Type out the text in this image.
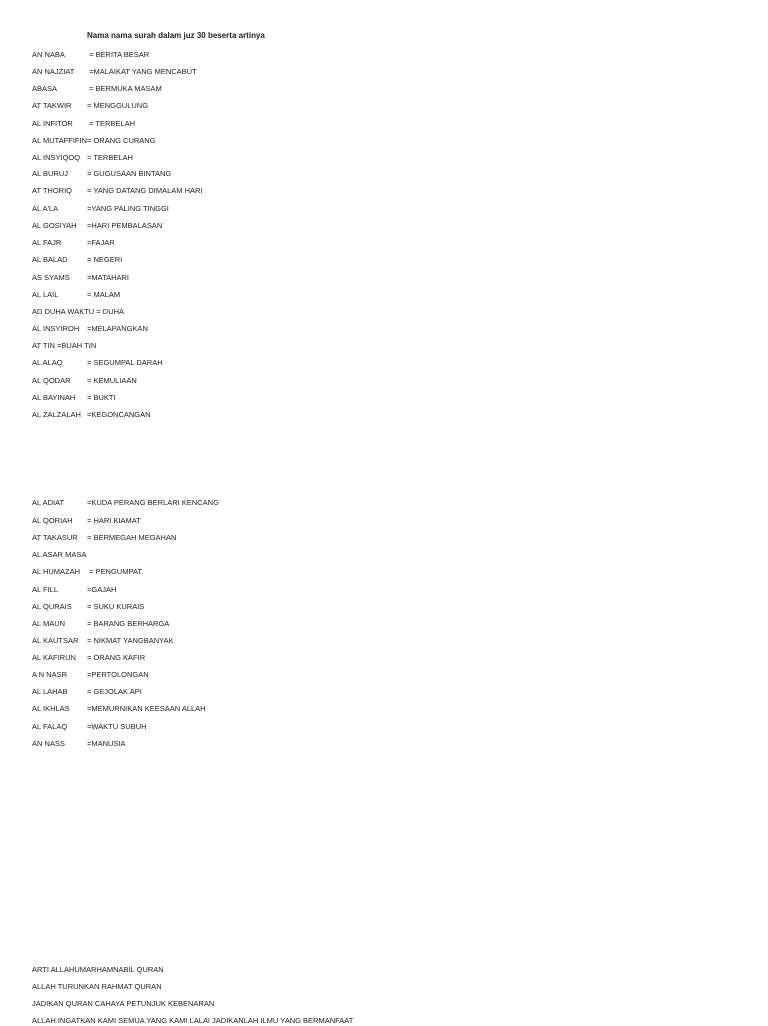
Nama nama surah dalam juz 30 beserta artinya
AN NABA	= BERITA BESAR
AN NAJZIAT =MALAIKAT YANG MENCABUT
ABASA	= BERMUKA MASAM
AT TAKWIR = MENGGULUNG
AL INFITOR = TERBELAH
AL MUTAFFIFIN= ORANG CURANG
AL INSYIQOQ = TERBELAH
AL BURUJ	= GUGUSAAN BINTANG
AT THORIQ = YANG DATANG DIMALAM HARI
AL A'LA	=YANG PALING TINGGI
AL GOSIYAH =HARI PEMBALASAN
AL FAJR	=FAJAR
AL BALAD	= NEGERI
AS SYAMS =MATAHARI
AL LAIL	= MALAM
AD DUHA WAKTU = DUHA
AL INSYIROH =MELAPANGKAN
AT TIN =BUAH TIN
AL ALAQ	= SEGUMPAL DARAH
AL QODAR = KEMULIAAN
AL BAYINAH = BUKTI
AL ZALZALAH =KEGONCANGAN
AL ADIAT	=KUDA PERANG BERLARI KENCANG
AL QORIAH = HARI KIAMAT
AT TAKASUR = BERMEGAH MEGAHAN
AL ASAR MASA
AL HUMAZAH = PENGUMPAT
AL FILL	=GAJAH
AL QURAIS = SUKU KURAIS
AL MAUN	= BARANG BERHARGA
AL KAUTSAR = NIKMAT YANGBANYAK
AL KAFIRUN = ORANG KAFIR
A N NASR	=PERTOLONGAN
AL LAHAB	= GEJOLAK API
AL IKHLAS =MEMURNIKAN KEESAAN ALLAH
AL FALAQ	=WAKTU SUBUH
AN NASS	=MANUSIA
ARTI ALLAHUMARHAMNABIL QURAN
ALLAH TURUNKAN RAHMAT QURAN
JADIKAN QURAN CAHAYA PETUNJUK KEBENARAN
ALLAH INGATKAN KAMI SEMUA YANG KAMI LALAI JADIKANLAH ILMU YANG BERMANFAAT
